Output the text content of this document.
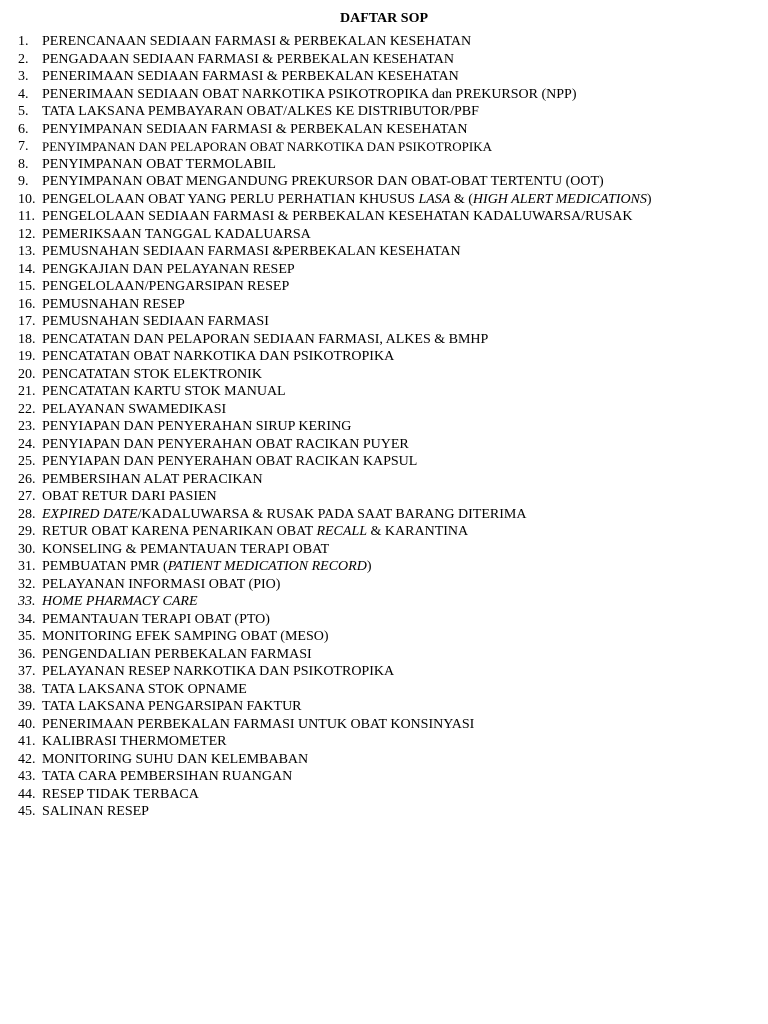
DAFTAR SOP
1. PERENCANAAN SEDIAAN FARMASI & PERBEKALAN KESEHATAN
2. PENGADAAN SEDIAAN FARMASI & PERBEKALAN KESEHATAN
3. PENERIMAAN SEDIAAN FARMASI & PERBEKALAN KESEHATAN
4. PENERIMAAN SEDIAAN OBAT NARKOTIKA PSIKOTROPIKA dan PREKURSOR (NPP)
5. TATA LAKSANA PEMBAYARAN OBAT/ALKES KE DISTRIBUTOR/PBF
6. PENYIMPANAN SEDIAAN FARMASI & PERBEKALAN KESEHATAN
7.	PENYIMPANAN DAN PELAPORAN OBAT NARKOTIKA DAN PSIKOTROPIKA
8. PENYIMPANAN OBAT TERMOLABIL
9. PENYIMPANAN OBAT MENGANDUNG PREKURSOR DAN OBAT-OBAT TERTENTU (OOT)
10. PENGELOLAAN OBAT YANG PERLU PERHATIAN KHUSUS LASA & (HIGH ALERT MEDICATIONS)
11. PENGELOLAAN SEDIAAN FARMASI & PERBEKALAN KESEHATAN KADALUWARSA/RUSAK
12. PEMERIKSAAN TANGGAL KADALUARSA
13. PEMUSNAHAN SEDIAAN FARMASI &PERBEKALAN KESEHATAN
14. PENGKAJIAN DAN PELAYANAN RESEP
15. PENGELOLAAN/PENGARSIPAN RESEP
16. PEMUSNAHAN RESEP
17. PEMUSNAHAN SEDIAAN FARMASI
18. PENCATATAN DAN PELAPORAN SEDIAAN FARMASI, ALKES & BMHP
19. PENCATATAN OBAT NARKOTIKA DAN PSIKOTROPIKA
20. PENCATATAN STOK ELEKTRONIK
21. PENCATATAN KARTU STOK MANUAL
22. PELAYANAN SWAMEDIKASI
23. PENYIAPAN DAN PENYERAHAN SIRUP KERING
24. PENYIAPAN DAN PENYERAHAN OBAT RACIKAN PUYER
25. PENYIAPAN DAN PENYERAHAN OBAT RACIKAN KAPSUL
26. PEMBERSIHAN ALAT PERACIKAN
27. OBAT RETUR DARI PASIEN
28. EXPIRED DATE/KADALUWARSA & RUSAK PADA SAAT BARANG DITERIMA
29. RETUR OBAT KARENA PENARIKAN OBAT RECALL & KARANTINA
30. KONSELING & PEMANTAUAN TERAPI OBAT
31. PEMBUATAN PMR (PATIENT MEDICATION RECORD)
32. PELAYANAN INFORMASI OBAT (PIO)
33. HOME PHARMACY CARE
34. PEMANTAUAN TERAPI OBAT (PTO)
35. MONITORING EFEK SAMPING OBAT (MESO)
36. PENGENDALIAN PERBEKALAN FARMASI
37. PELAYANAN RESEP NARKOTIKA DAN PSIKOTROPIKA
38. TATA LAKSANA STOK OPNAME
39. TATA LAKSANA PENGARSIPAN FAKTUR
40. PENERIMAAN PERBEKALAN FARMASI UNTUK OBAT KONSINYASI
41. KALIBRASI THERMOMETER
42. MONITORING SUHU DAN KELEMBABAN
43. TATA CARA PEMBERSIHAN RUANGAN
44. RESEP TIDAK TERBACA
45. SALINAN RESEP
